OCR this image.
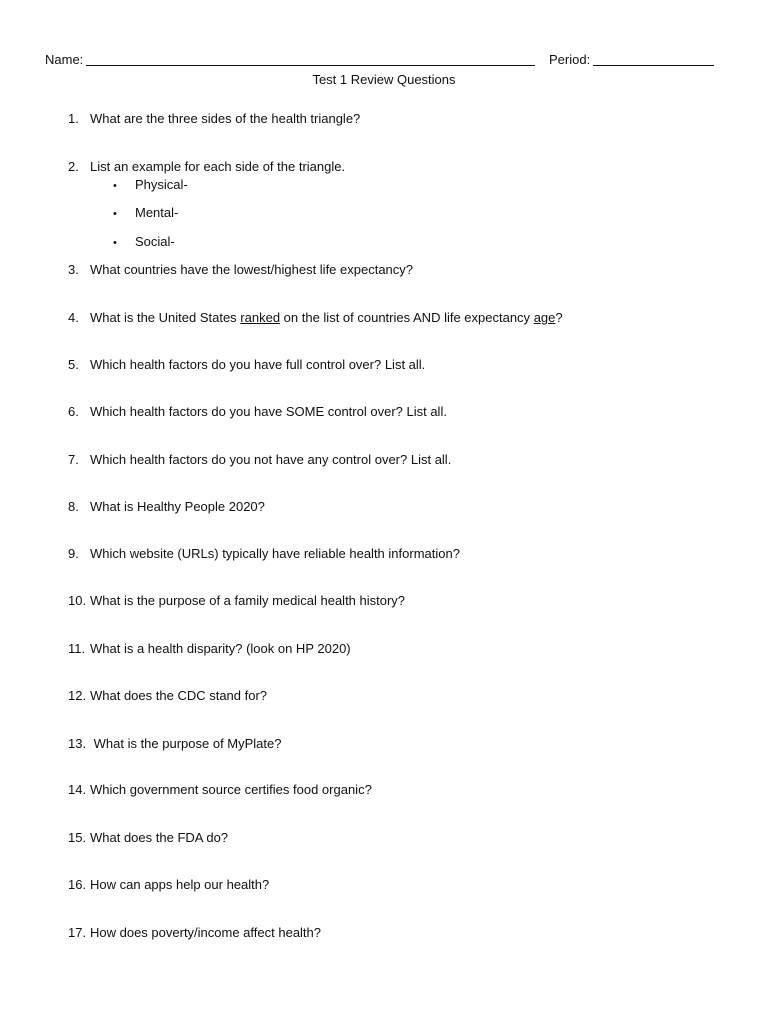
Name:	Period:
Test 1 Review Questions
1. What are the three sides of the health triangle?
2. List an example for each side of the triangle.
• Physical-
• Mental-
• Social-
3. What countries have the lowest/highest life expectancy?
4. What is the United States ranked on the list of countries AND life expectancy age?
5. Which health factors do you have full control over? List all.
6. Which health factors do you have SOME control over? List all.
7. Which health factors do you not have any control over? List all.
8. What is Healthy People 2020?
9. Which website (URLs) typically have reliable health information?
10. What is the purpose of a family medical health history?
11. What is a health disparity? (look on HP 2020)
12. What does the CDC stand for?
13. What is the purpose of MyPlate?
14. Which government source certifies food organic?
15. What does the FDA do?
16. How can apps help our health?
17. How does poverty/income affect health?
